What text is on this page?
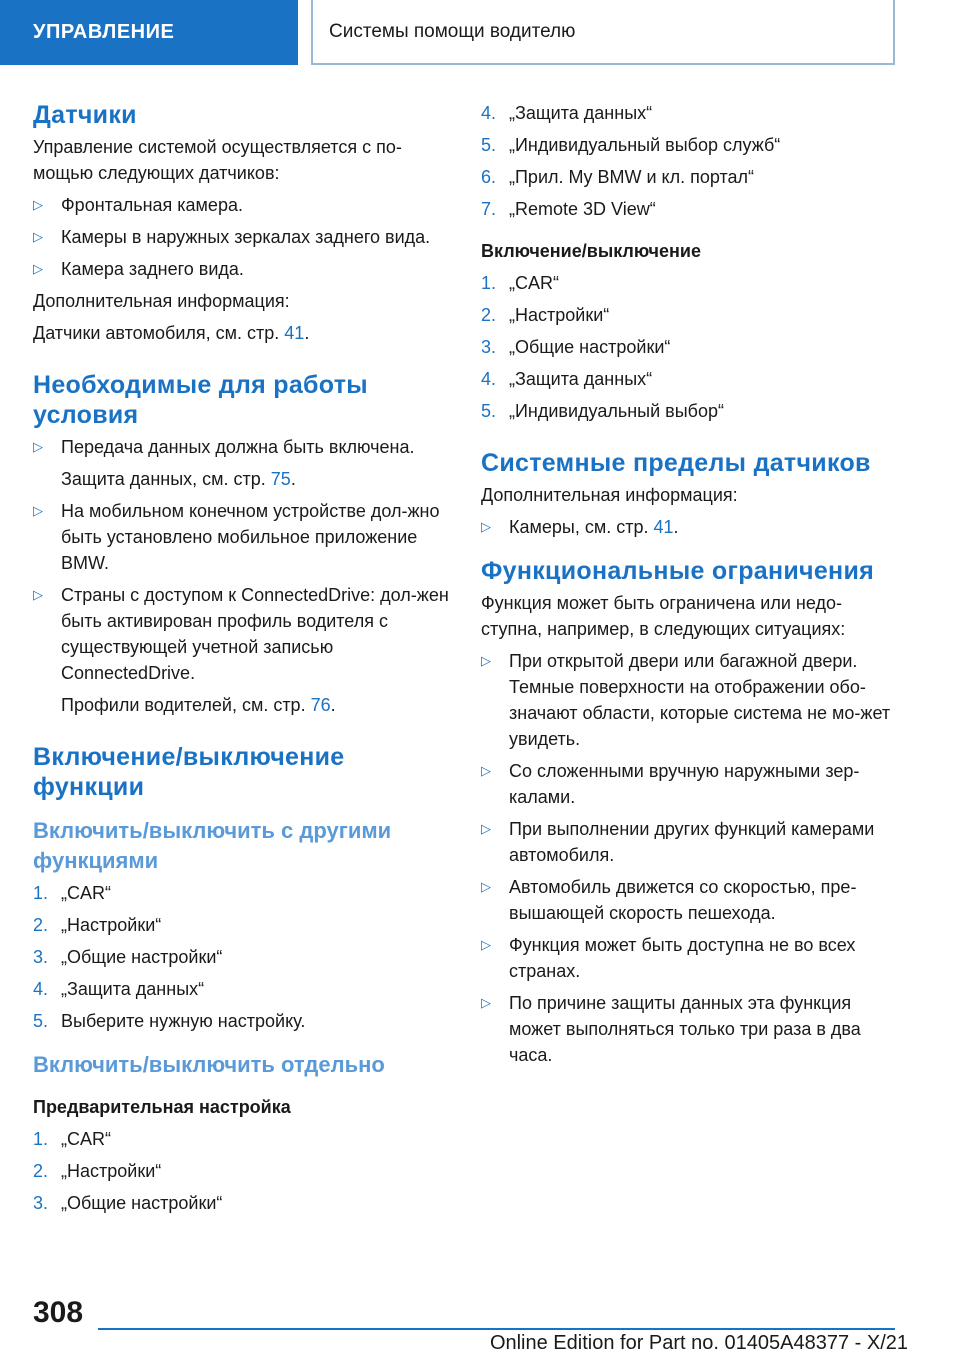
УПРАВЛЕНИЕ	Системы помощи водителю
Датчики

Управление системой осуществляется с по-мощью следующих датчиков:

▷ Фронтальная камера.
▷ Камеры в наружных зеркалах заднего вида.
▷ Камера заднего вида.

Дополнительная информация:

Датчики автомобиля, см. стр. 41.

Необходимые для работы условия
▷ Передача данных должна быть включена.
Защита данных, см. стр. 75.
▷ На мобильном конечном устройстве дол-жно быть установлено мобильное приложение BMW.
▷ Страны с доступом к ConnectedDrive: дол-жен быть активирован профиль водителя с существующей учетной записью ConnectedDrive.
Профили водителей, см. стр. 76.
Включение/выключение функции
Включить/выключить с другими функциями
1. „CAR“
2. „Настройки“
3. „Общие настройки“
4. „Защита данных“
5. Выберите нужную настройку.
Включить/выключить отдельно
Предварительная настройка
1. „CAR“
2. „Настройки“
3. „Общие настройки“
4. „Защита данных“
5. „Индивидуальный выбор служб“
6. „Прил. My BMW и кл. портал“
7. „Remote 3D View“
Включение/выключение
1. „CAR“
2. „Настройки“
3. „Общие настройки“
4. „Защита данных“
5. „Индивидуальный выбор“
Системные пределы датчиков

Дополнительная информация:

▷ Камеры, см. стр. 41.
Функциональные ограничения

Функция может быть ограничена или недо-ступна, например, в следующих ситуациях:

▷ При открытой двери или багажной двери. Темные поверхности на отображении обо-значают области, которые система не мо-жет увидеть.
▷ Со сложенными вручную наружными зер-калами.
▷ При выполнении других функций камерами автомобиля.
▷ Автомобиль движется со скоростью, пре-вышающей скорость пешехода.
▷ Функция может быть доступна не во всех странах.
▷ По причине защиты данных эта функция может выполняться только три раза в два часа.
308
Online Edition for Part no. 01405A48377 - X/21
